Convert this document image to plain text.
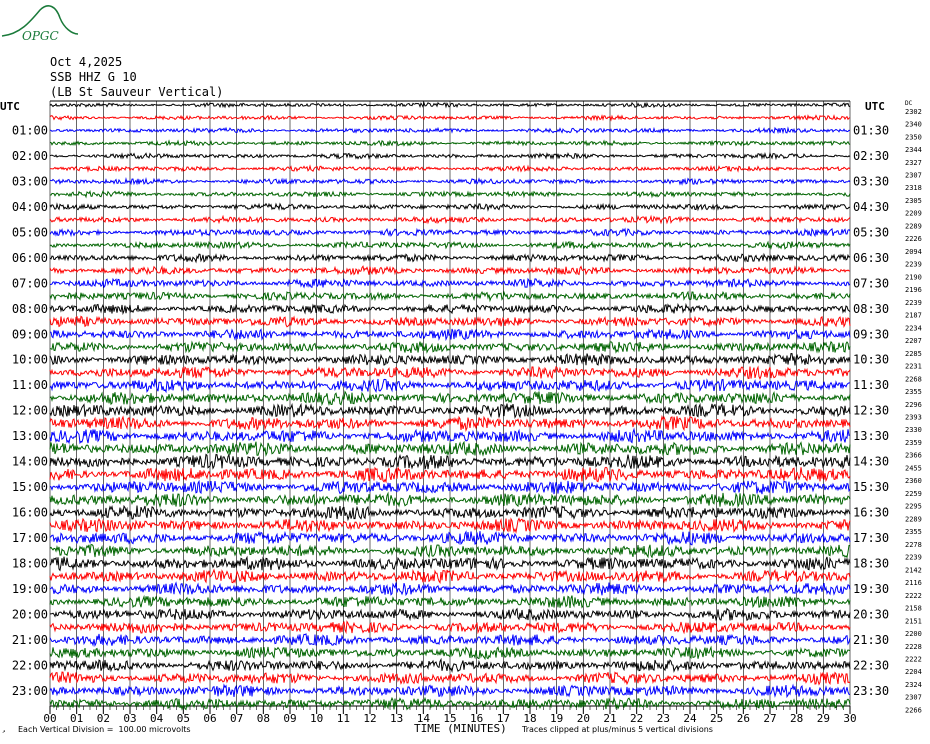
OPGC
Oct 4,2025
SSB HHZ G 10
(LB St Sauveur Vertical)
00 01 02 03 04 05 06 07 08 09 10 11 12 13 14 15 16 17 18 19 20 21 22 23 24 25 26 27 28 29 30
UTC	UTC	DC
2302
2340
2350
01:00	01:30
2344
2327
02:00	02:30
2307
2318
03:00	03:30
2305
2209
04:00	04:30
2289
2226
05:00	05:30
2094
2239
06:00	06:30
2190
2196
07:00	07:30
2239
2187
08:00	08:30
2234
2207
09:00	09:30
2285
2231
10:00	10:30
2268
2355
11:00	11:30
2296
2393
12:00	12:30
2330
2359
13:00	13:30
2366
2455
14:00	14:30
2360
2259
15:00	15:30
2295
2289
16:00	16:30
2355
2278
17:00	17:30
2239
2142
18:00	18:30
2116
2222
19:00	19:30
2158
2151
20:00	20:30
2200
2228
21:00	21:30
2222
2204
22:00	22:30
2324
2307
23:00	23:30
2266
Each Vertical Division =  100.00 microvolts	TIME (MINUTES) Traces clipped at plus/minus 5 vertical divisions
↗
